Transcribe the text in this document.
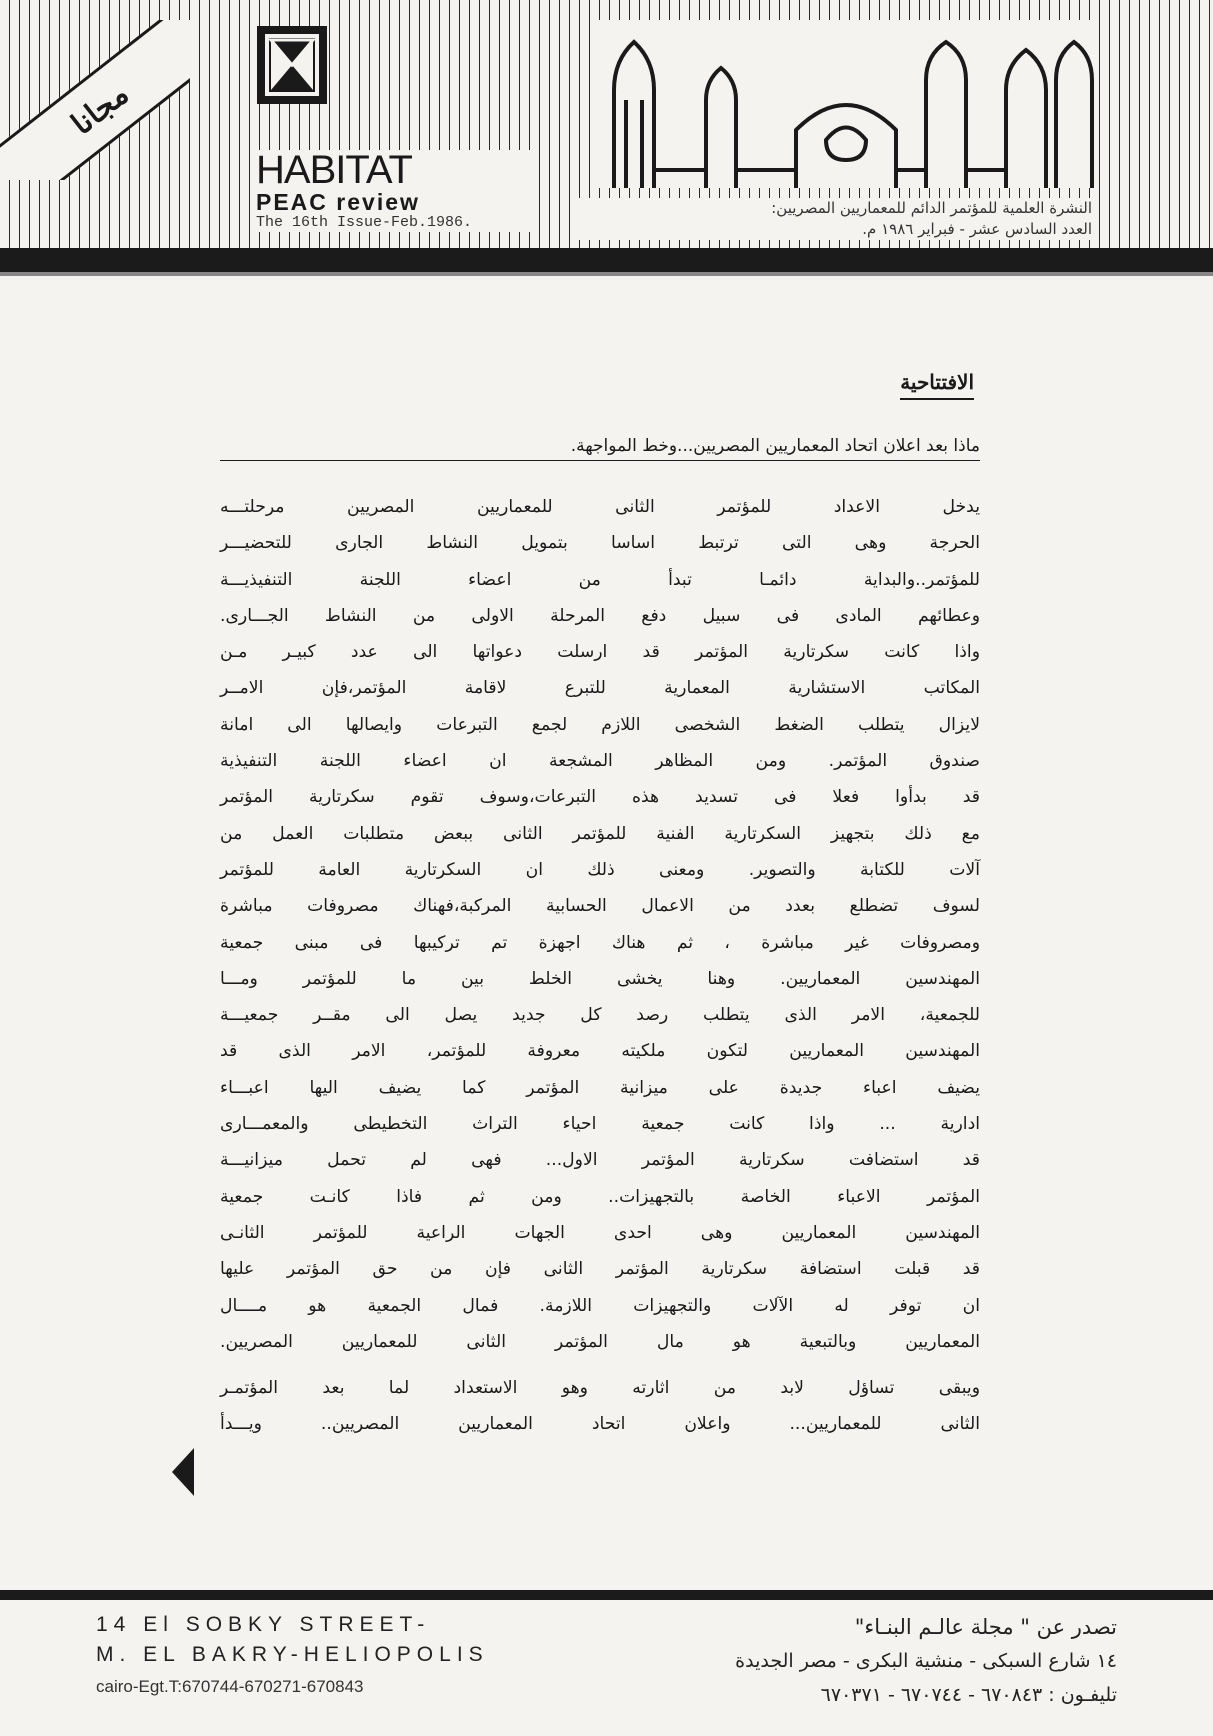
مجانا
HABITAT
PEAC review
The 16th Issue-Feb.1986.
النشرة العلمية للمؤتمر الدائم للمعماريين المصريين:
العدد السادس عشر - فبراير ١٩٨٦ م.
الافتتاحية
ماذا بعد اعلان اتحاد المعماريين المصريين...وخط المواجهة.
يدخل الاعداد للمؤتمر الثانى للمعماريين المصريين مرحلتـــه
الحرجة وهى التى ترتبط اساسا بتمويل النشاط الجارى للتحضيـــر
للمؤتمر..والبداية دائمـا تبدأ من اعضاء اللجنة التنفيذيـــة
وعطائهم المادى فى سبيل دفع المرحلة الاولى من النشاط الجـــارى.
واذا كانت سكرتارية المؤتمر قد ارسلت دعواتها الى عدد كبيـر مـن
المكاتب الاستشارية المعمارية للتبرع لاقامة المؤتمر،فإن الامــر
لايزال يتطلب الضغط الشخصى اللازم لجمع التبرعات وايصالها الى امانة
صندوق المؤتمر. ومن المظاهر المشجعة ان اعضاء اللجنة التنفيذية
قد بدأوا فعلا فى تسديد هذه التبرعات،وسوف تقوم سكرتارية المؤتمر
مع ذلك بتجهيز السكرتارية الفنية للمؤتمر الثانى ببعض متطلبات العمل من
آلات للكتابة والتصوير. ومعنى ذلك ان السكرتارية العامة للمؤتمر
لسوف تضطلع بعدد من الاعمال الحسابية المركبة،فهناك مصروفات مباشرة
ومصروفات غير مباشرة ، ثم هناك اجهزة تم تركيبها فى مبنى جمعية
المهندسين المعماريين. وهنا يخشى الخلط بين ما للمؤتمر ومـــا
للجمعية، الامر الذى يتطلب رصد كل جديد يصل الى مقــر جمعيـــة
المهندسين المعماريين لتكون ملكيته معروفة للمؤتمر، الامر الذى قد
يضيف اعباء جديدة على ميزانية المؤتمر كما يضيف اليها اعبـــاء
ادارية ... واذا كانت جمعية احياء التراث التخطيطى والمعمـــارى
قد استضافت سكرتارية المؤتمر الاول... فهى لم تحمل ميزانيـــة
المؤتمر الاعباء الخاصة بالتجهيزات.. ومن ثم فاذا كانـت جمعية
المهندسين المعماريين وهى احدى الجهات الراعية للمؤتمر الثانـى
قد قبلت استضافة سكرتارية المؤتمر الثانى فإن من حق المؤتمر عليها
ان توفر له الآلات والتجهيزات اللازمة. فمال الجمعية هو مــــال
المعماريين وبالتبعية هو مال المؤتمر الثانى للمعماريين المصريين.
ويبقى تساؤل لابد من اثارته وهو الاستعداد لما بعد المؤتمـر
الثانى للمعماريين... واعلان اتحاد المعماريين المصريين.. ويـــدأ
14 El SOBKY STREET-
M. EL BAKRY-HELIOPOLIS
cairo-Egt.T:670744-670271-670843
تصدر عن " مجلة عالـم البنـاء"
١٤ شارع السبكى - منشية البكرى - مصر الجديدة
تليفـون : ٦٧٠٨٤٣ - ٦٧٠٧٤٤ - ٦٧٠٣٧١
